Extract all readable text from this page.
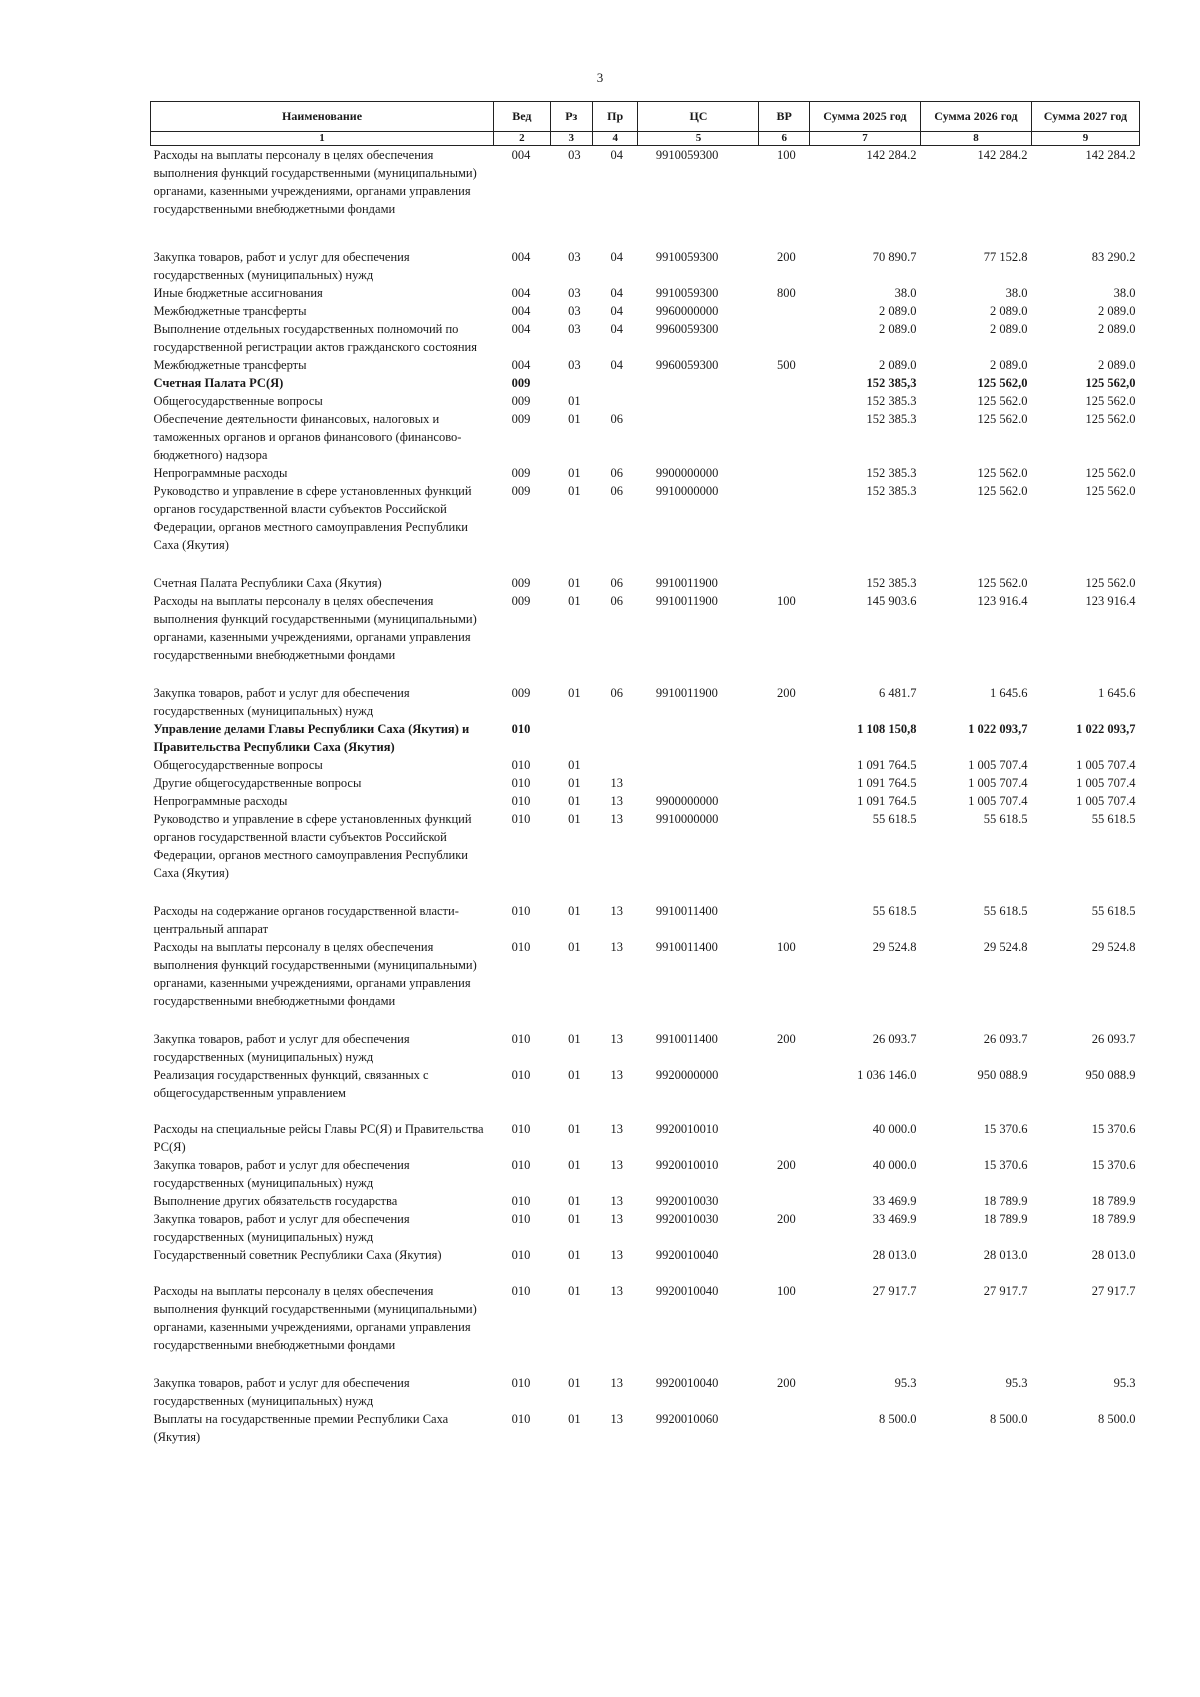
3
Наименование	Вед	Рз	Пр	ЦС	ВР	Сумма 2025 год	Сумма 2026 год	Сумма 2027 год
1	2	3	4	5	6	7	8	9
Расходы на выплаты персоналу в целях обеспечения выполнения функций государственными (муниципальными) органами, казенными учреждениями, органами управления государственными внебюджетными фондами	004	03	04	9910059300	100	142 284.2	142 284.2	142 284.2
Закупка товаров, работ и услуг для обеспечения государственных (муниципальных) нужд	004	03	04	9910059300	200	70 890.7	77 152.8	83 290.2
Иные бюджетные ассигнования	004	03	04	9910059300	800	38.0	38.0	38.0
Межбюджетные трансферты	004	03	04	9960000000		2 089.0	2 089.0	2 089.0
Выполнение отдельных государственных полномочий по государственной регистрации актов гражданского состояния	004	03	04	9960059300		2 089.0	2 089.0	2 089.0
Межбюджетные трансферты	004	03	04	9960059300	500	2 089.0	2 089.0	2 089.0
Счетная Палата РС(Я)	009					152 385,3	125 562,0	125 562,0
Общегосударственные вопросы	009	01				152 385.3	125 562.0	125 562.0
Обеспечение деятельности финансовых, налоговых и таможенных органов и органов финансового (финансово-бюджетного) надзора	009	01	06			152 385.3	125 562.0	125 562.0
Непрограммные расходы	009	01	06	9900000000		152 385.3	125 562.0	125 562.0
Руководство и управление в сфере установленных функций органов государственной власти субъектов Российской Федерации, органов местного самоуправления Республики Саха (Якутия)	009	01	06	9910000000		152 385.3	125 562.0	125 562.0
Счетная Палата Республики Саха (Якутия)	009	01	06	9910011900		152 385.3	125 562.0	125 562.0
Расходы на выплаты персоналу в целях обеспечения выполнения функций государственными (муниципальными) органами, казенными учреждениями, органами управления государственными внебюджетными фондами	009	01	06	9910011900	100	145 903.6	123 916.4	123 916.4
Закупка товаров, работ и услуг для обеспечения государственных (муниципальных) нужд	009	01	06	9910011900	200	6 481.7	1 645.6	1 645.6
Управление делами Главы Республики Саха (Якутия) и Правительства Республики Саха (Якутия)	010					1 108 150,8	1 022 093,7	1 022 093,7
Общегосударственные вопросы	010	01				1 091 764.5	1 005 707.4	1 005 707.4
Другие общегосударственные вопросы	010	01	13			1 091 764.5	1 005 707.4	1 005 707.4
Непрограммные расходы	010	01	13	9900000000		1 091 764.5	1 005 707.4	1 005 707.4
Руководство и управление в сфере установленных функций органов государственной власти субъектов Российской Федерации, органов местного самоуправления Республики Саха (Якутия)	010	01	13	9910000000		55 618.5	55 618.5	55 618.5
Расходы на содержание органов государственной власти- центральный аппарат	010	01	13	9910011400		55 618.5	55 618.5	55 618.5
Расходы на выплаты персоналу в целях обеспечения выполнения функций государственными (муниципальными) органами, казенными учреждениями, органами управления государственными внебюджетными фондами	010	01	13	9910011400	100	29 524.8	29 524.8	29 524.8
Закупка товаров, работ и услуг для обеспечения государственных (муниципальных) нужд	010	01	13	9910011400	200	26 093.7	26 093.7	26 093.7
Реализация государственных функций, связанных с общегосударственным управлением	010	01	13	9920000000		1 036 146.0	950 088.9	950 088.9
Расходы на специальные рейсы Главы РС(Я) и Правительства РС(Я)	010	01	13	9920010010		40 000.0	15 370.6	15 370.6
Закупка товаров, работ и услуг для обеспечения государственных (муниципальных) нужд	010	01	13	9920010010	200	40 000.0	15 370.6	15 370.6
Выполнение других обязательств государства	010	01	13	9920010030		33 469.9	18 789.9	18 789.9
Закупка товаров, работ и услуг для обеспечения государственных (муниципальных) нужд	010	01	13	9920010030	200	33 469.9	18 789.9	18 789.9
Государственный советник Республики Саха (Якутия)	010	01	13	9920010040		28 013.0	28 013.0	28 013.0
Расходы на выплаты персоналу в целях обеспечения выполнения функций государственными (муниципальными) органами, казенными учреждениями, органами управления государственными внебюджетными фондами	010	01	13	9920010040	100	27 917.7	27 917.7	27 917.7
Закупка товаров, работ и услуг для обеспечения государственных (муниципальных) нужд	010	01	13	9920010040	200	95.3	95.3	95.3
Выплаты на государственные премии Республики Саха (Якутия)	010	01	13	9920010060		8 500.0	8 500.0	8 500.0
